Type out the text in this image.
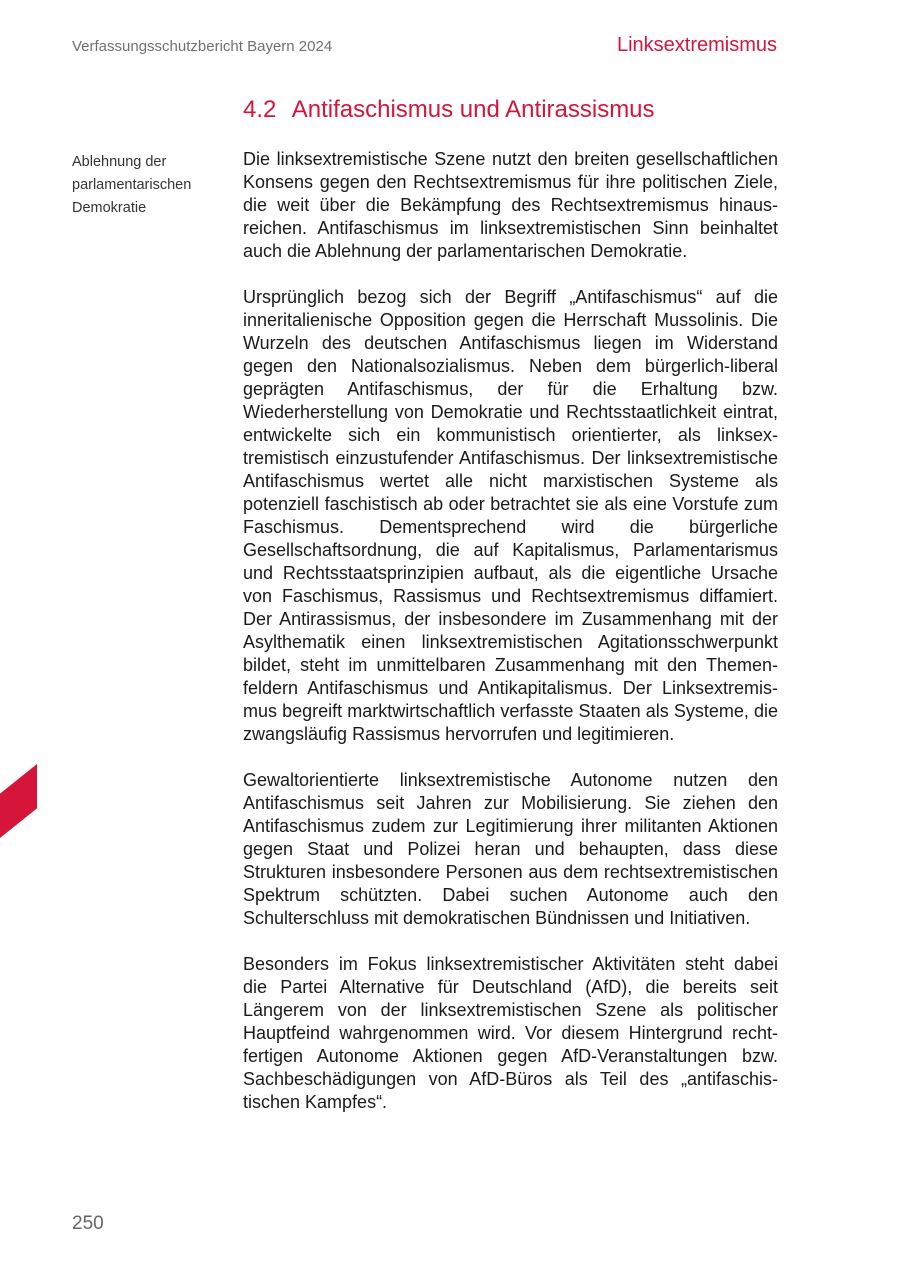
Verfassungsschutzbericht Bayern 2024	Linksextremismus
4.2 Antifaschismus und Antirassismus
Ablehnung der parlamentarischen Demokratie

Die linksextremistische Szene nutzt den breiten gesellschaftlichen Konsens gegen den Rechtsextremismus für ihre politischen Ziele, die weit über die Bekämpfung des Rechtsextremismus hinausreichen. Antifaschismus im linksextremistischen Sinn beinhaltet auch die Ablehnung der parlamentarischen Demokratie.

Ursprünglich bezog sich der Begriff „Antifaschismus“ auf die inneritalienische Opposition gegen die Herrschaft Mussolinis. Die Wurzeln des deutschen Antifaschismus liegen im Widerstand gegen den Nationalsozialismus. Neben dem bürgerlich-liberal geprägten Antifaschismus, der für die Erhaltung bzw. Wiederherstellung von Demokratie und Rechtsstaatlichkeit eintrat, entwickelte sich ein kommunistisch orientierter, als linksextremistisch einzustufender Antifaschismus. Der linksextremistische Antifaschismus wertet alle nicht marxistischen Systeme als potenziell faschistisch ab oder betrachtet sie als eine Vorstufe zum Faschismus. Dementsprechend wird die bürgerliche Gesellschaftsordnung, die auf Kapitalismus, Parlamentarismus und Rechtsstaatsprinzipien aufbaut, als die eigentliche Ursache von Faschismus, Rassismus und Rechtsextremismus diffamiert. Der Antirassismus, der insbesondere im Zusammenhang mit der Asylthematik einen linksextremistischen Agitationsschwerpunkt bildet, steht im unmittelbaren Zusammenhang mit den Themenfeldern Antifaschismus und Antikapitalismus. Der Linksextremismus begreift marktwirtschaftlich verfasste Staaten als Systeme, die zwangsläufig Rassismus hervorrufen und legitimieren.

Gewaltorientierte linksextremistische Autonome nutzen den Antifaschismus seit Jahren zur Mobilisierung. Sie ziehen den Antifaschismus zudem zur Legitimierung ihrer militanten Aktionen gegen Staat und Polizei heran und behaupten, dass diese Strukturen insbesondere Personen aus dem rechtsextremistischen Spektrum schützten. Dabei suchen Autonome auch den Schulterschluss mit demokratischen Bündnissen und Initiativen.

Besonders im Fokus linksextremistischer Aktivitäten steht dabei die Partei Alternative für Deutschland (AfD), die bereits seit Längerem von der linksextremistischen Szene als politischer Hauptfeind wahrgenommen wird. Vor diesem Hintergrund rechtfertigen Autonome Aktionen gegen AfD-Veranstaltungen bzw. Sachbeschädigungen von AfD-Büros als Teil des „antifaschistischen Kampfes“.

250
